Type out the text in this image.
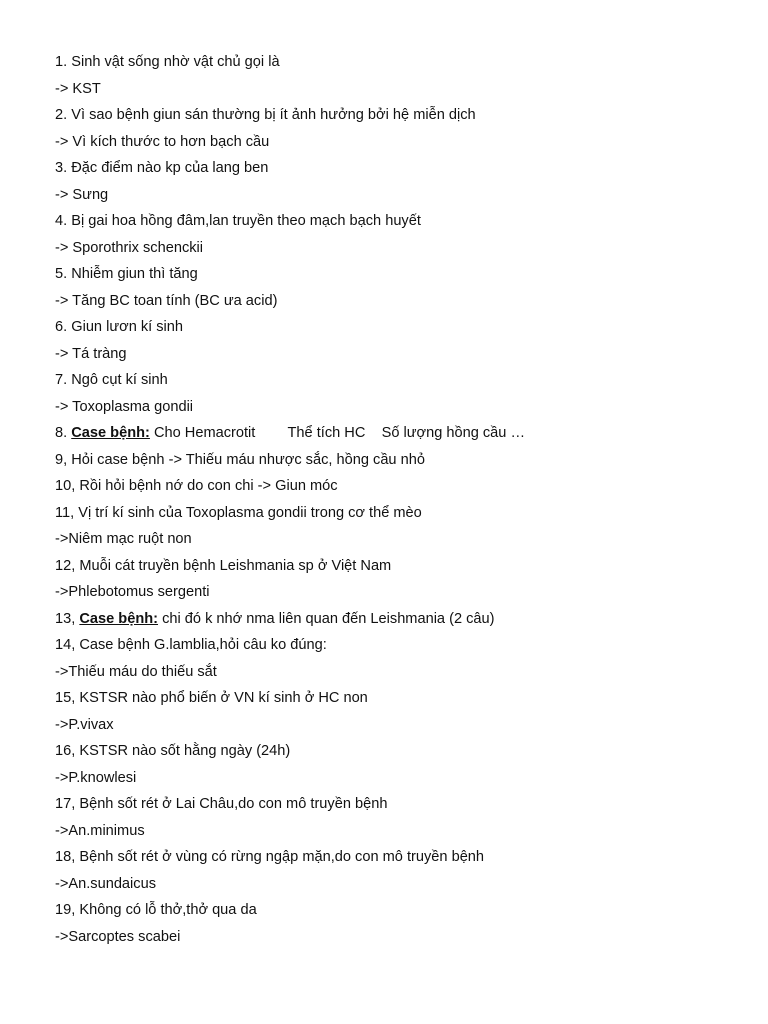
1. Sinh vật sống nhờ vật chủ gọi là
-> KST
2. Vì sao bệnh giun sán thường bị ít ảnh hưởng bởi hệ miễn dịch
-> Vì kích thước to hơn bạch cầu
3. Đặc điểm nào kp của lang ben
-> Sưng
4. Bị gai hoa hồng đâm,lan truyền theo mạch bạch huyết
-> Sporothrix schenckii
5. Nhiễm giun thì tăng
-> Tăng BC toan tính (BC ưa acid)
6. Giun lươn kí sinh
-> Tá tràng
7. Ngô cụt kí sinh
-> Toxoplasma gondii
8. Case bệnh: Cho Hemacrotit        Thể tích HC    Số lượng hồng cầu …
9, Hỏi case bệnh -> Thiếu máu nhược sắc, hồng cầu nhỏ
10, Rồi hỏi bệnh nớ do con chi -> Giun móc
11, Vị trí kí sinh của Toxoplasma gondii trong cơ thể mèo
->Niêm mạc ruột non
12, Muỗi cát truyền bệnh Leishmania sp ở Việt Nam
->Phlebotomus sergenti
13, Case bệnh: chi đó k nhớ nma liên quan đến Leishmania (2 câu)
14, Case bệnh G.lamblia,hỏi câu ko đúng:
->Thiếu máu do thiếu sắt
15, KSTSR nào phổ biến ở VN kí sinh ở HC non
->P.vivax
16, KSTSR nào sốt hằng ngày (24h)
->P.knowlesi
17, Bệnh sốt rét ở Lai Châu,do con mô truyền bệnh
->An.minimus
18, Bệnh sốt rét ở vùng có rừng ngập mặn,do con mô truyền bệnh
->An.sundaicus
19, Không có lỗ thở,thở qua da
->Sarcoptes scabei
